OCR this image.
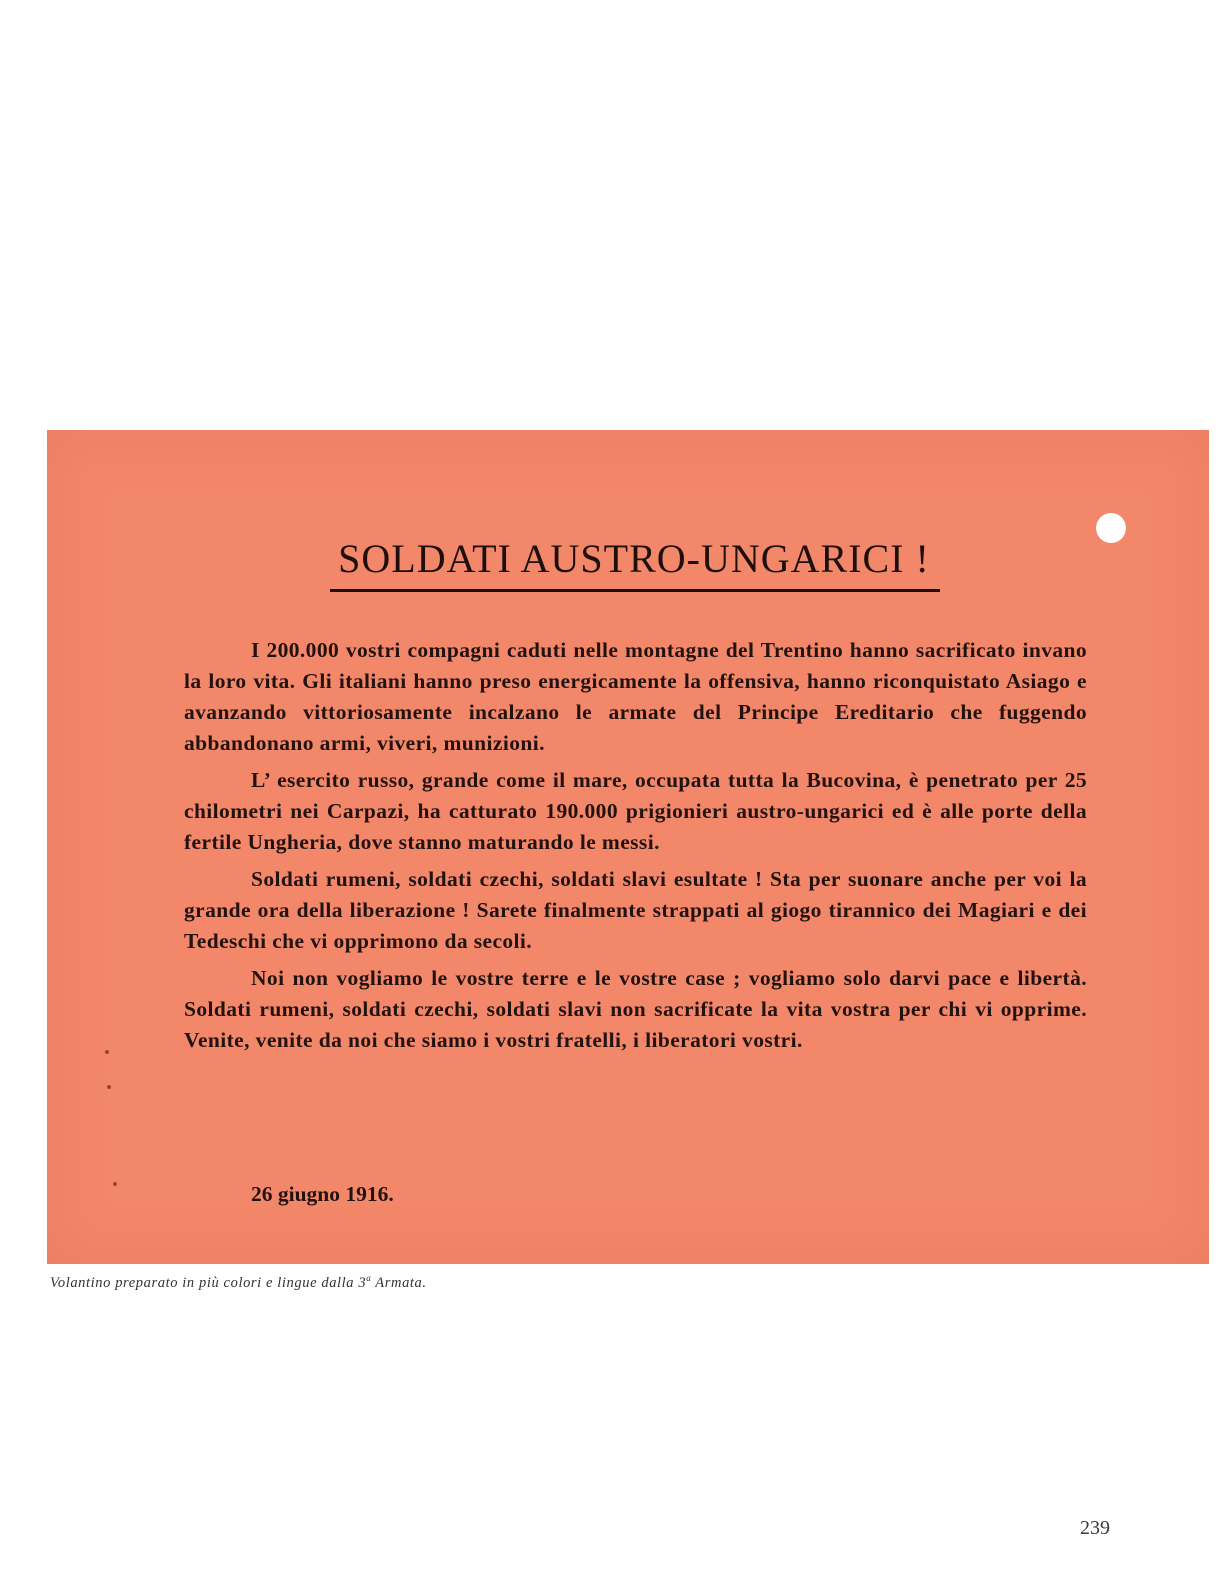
SOLDATI AUSTRO-UNGARICI !

I 200.000 vostri compagni caduti nelle montagne del Trentino hanno sacrificato invano la loro vita. Gli italiani hanno preso energicamente la offensiva, hanno riconquistato Asiago e avanzando vittoriosamente incalzano le armate del Principe Ereditario che fuggendo abbandonano armi, viveri, munizioni.

L’ esercito russo, grande come il mare, occupata tutta la Bucovina, è penetrato per 25 chilometri nei Carpazi, ha catturato 190.000 prigionieri austro-ungarici ed è alle porte della fertile Ungheria, dove stanno maturando le messi.

Soldati rumeni, soldati czechi, soldati slavi esultate ! Sta per suonare anche per voi la grande ora della liberazione ! Sarete finalmente strappati al giogo tirannico dei Magiari e dei Tedeschi che vi opprimono da secoli.

Noi non vogliamo le vostre terre e le vostre case ; vogliamo solo darvi pace e libertà. Soldati rumeni, soldati czechi, soldati slavi non sacrificate la vita vostra per chi vi opprime. Venite, venite da noi che siamo i vostri fratelli, i liberatori vostri.

26 giugno 1916.
Volantino preparato in più colori e lingue dalla 3$^a$ Armata.
239
